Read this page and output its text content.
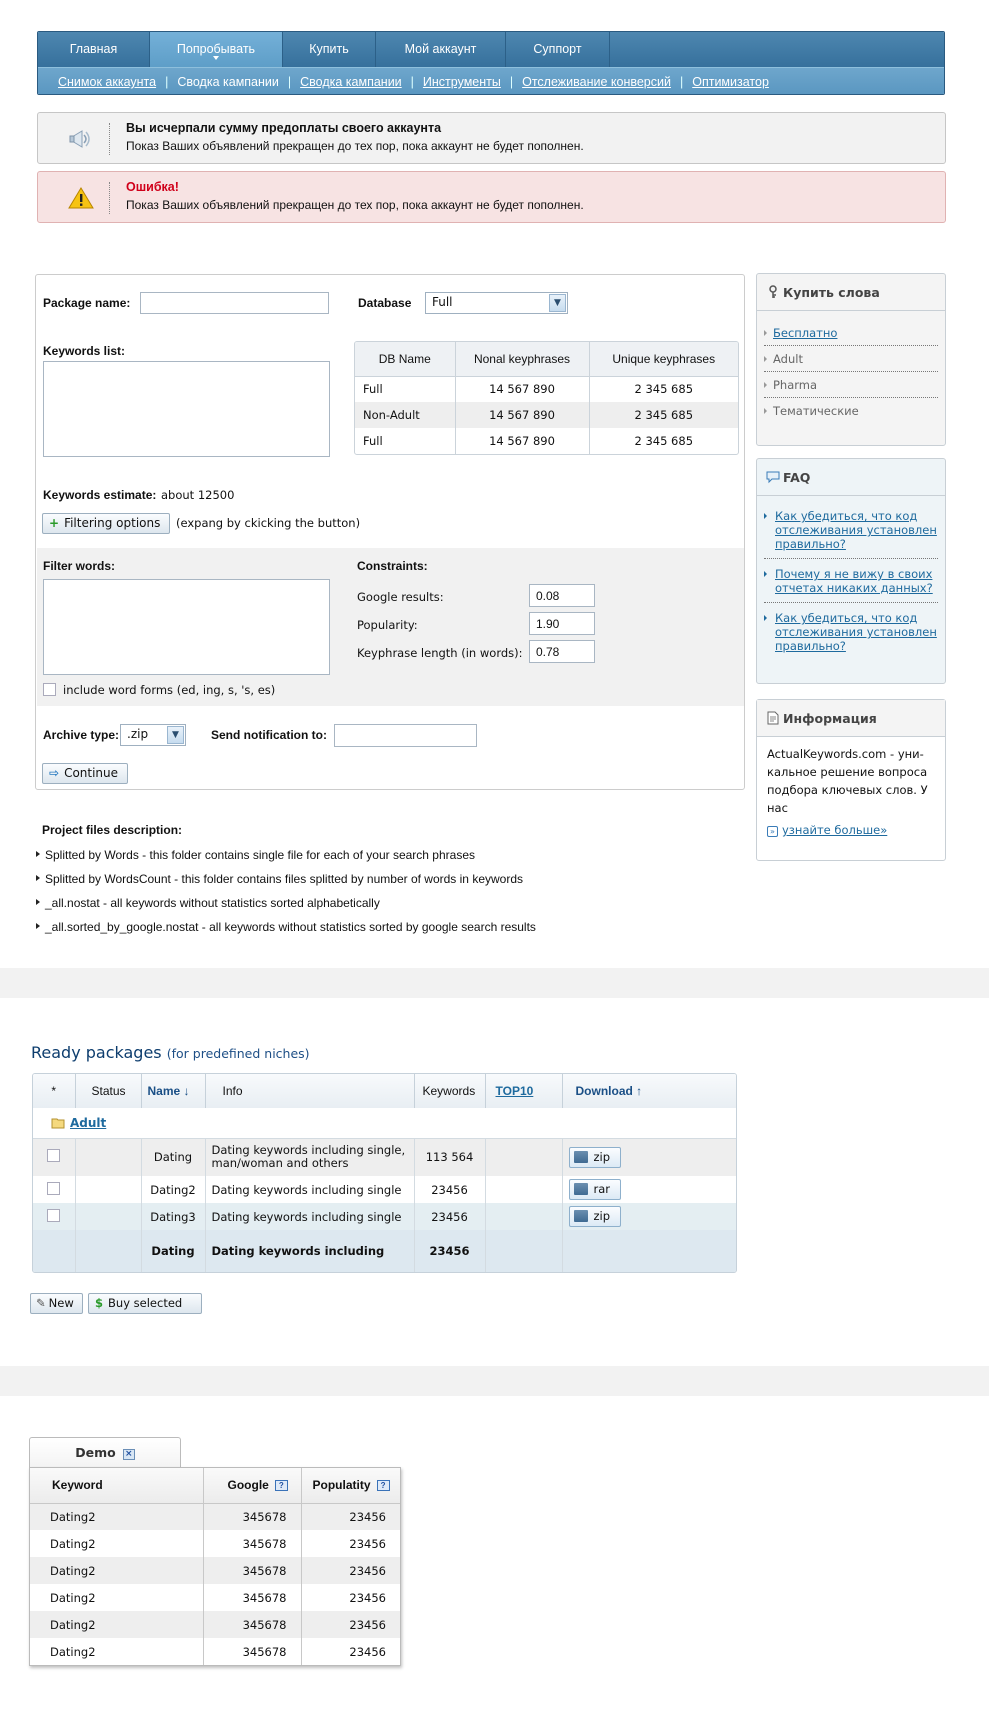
Главная	Попробывать	Купить	Мой аккаунт	Суппорт
Снимок аккаунта | Сводка кампании | Сводка кампании | Инструменты | Отслеживание конверсий | Оптимизатор
Вы исчерпали сумму предоплаты своего аккаунта
Показ Ваших объявлений прекращен до тех пор, пока аккаунт не будет пополнен.
Ошибка!
Показ Ваших объявлений прекращен до тех пор, пока аккаунт не будет пополнен.
Package name:	Database	Full	▼
Keywords list:
DB Name	Nonal keyphrases	Unique keyphrases
Full	14 567 890	2 345 685
Non-Adult	14 567 890	2 345 685
Full	14 567 890	2 345 685
Keywords estimate: about 12500
+ Filtering options	(expang by ckicking the button)
Filter words:
include word forms (ed, ing, s, 's, es)
Constraints:
Google results:
0.08
Popularity:
1.90
Keyphrase length (in words):
0.78
Archive type: .zip	▼	Send notification to:
⇨ Continue
Project files description:
Splitted by Words - this folder contains single file for each of your search phrases
Splitted by WordsCount - this folder contains files splitted by number of words in keywords
_all.nostat - all keywords without statistics sorted alphabetically
_all.sorted_by_google.nostat - all keywords without statistics sorted by google search results
Купить слова
Бесплатно
Adult
Pharma
Тематические
FAQ
Как убедиться, что код отслеживания установлен правильно?
Почему я не вижу в своих отчетах никаких данных?
Как убедиться, что код отслеживания установлен правильно?
Информация
ActualKeywords.com - уни-кальное решение вопроса подбора ключевых слов. У нас
» узнайте больше»
Ready packages (for predefined niches)
*	Status	Name ↓	Info	Keywords	TOP10	Download ↑
Adult						
		Dating	Dating keywords including single, man/woman and others	113 564		zip
		Dating2	Dating keywords including single	23456		rar
		Dating3	Dating keywords including single	23456		zip
		Dating	Dating keywords including	23456		
✎ New	$ Buy selected
Demo ×
Keyword	Google ?	Populatity ?
Dating2	345678	23456
Dating2	345678	23456
Dating2	345678	23456
Dating2	345678	23456
Dating2	345678	23456
Dating2	345678	23456
